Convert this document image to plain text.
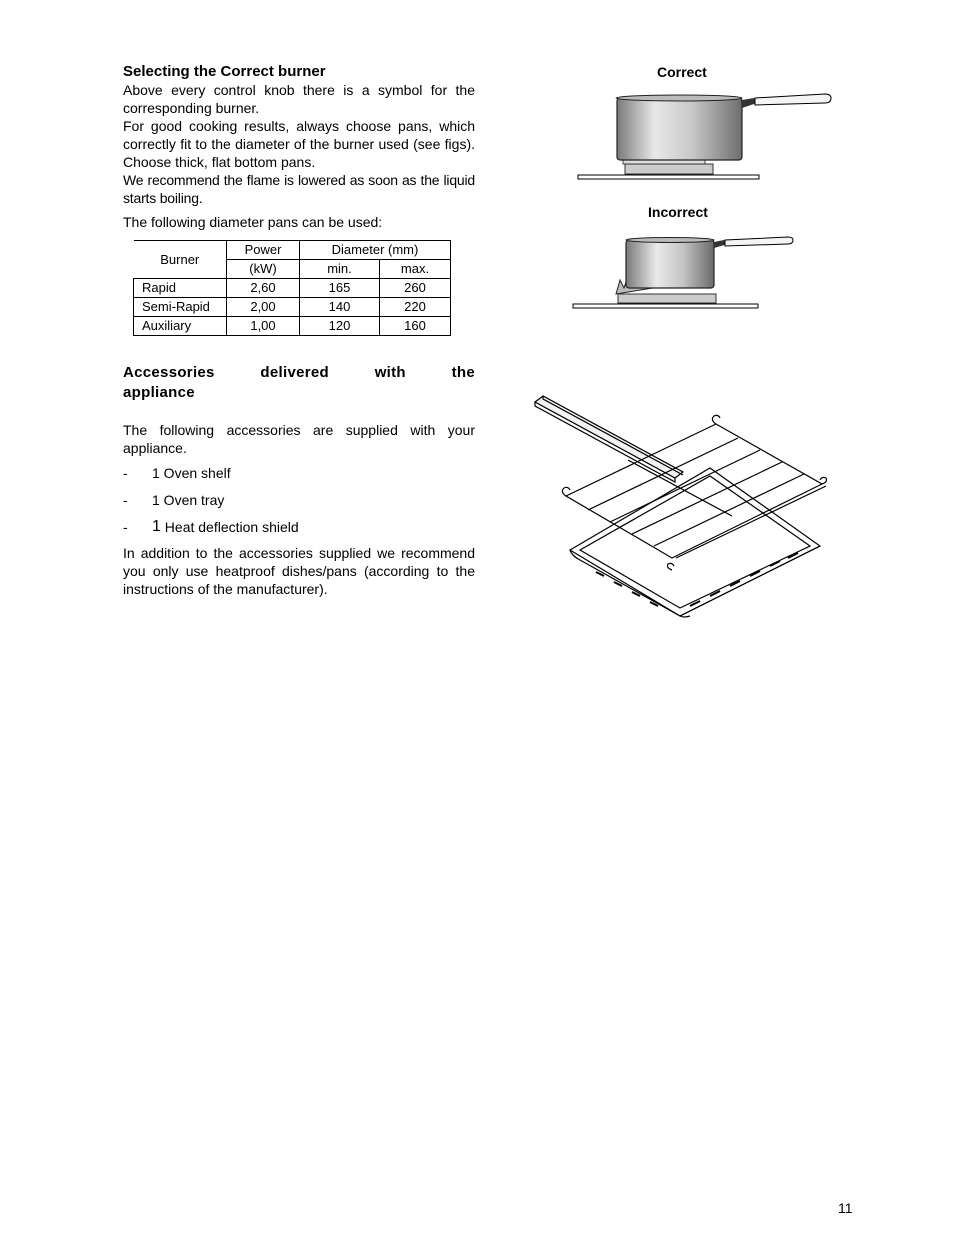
Selecting the Correct burner

Above every control knob there is a symbol for the corresponding burner.

For good cooking results, always choose pans, which correctly fit to the diameter of the burner used (see figs). Choose thick, flat bottom pans.

We recommend the flame is lowered as soon as the liquid starts boiling.

The following diameter pans can be used:

Burner	Power	Diameter (mm)	
	(kW)	min.	max.
Rapid	2,60	165	260
Semi-Rapid	2,00	140	220
Auxiliary	1,00	120	160
Accessories	delivered	with	the
appliance

The following accessories are supplied with your appliance.

-	1 Oven shelf
-	1 Oven tray
-	1
Heat deflection shield

In addition to the accessories supplied we recommend you only use heatproof dishes/pans (according to the instructions of the manufacturer).

Correct
Incorrect
11
